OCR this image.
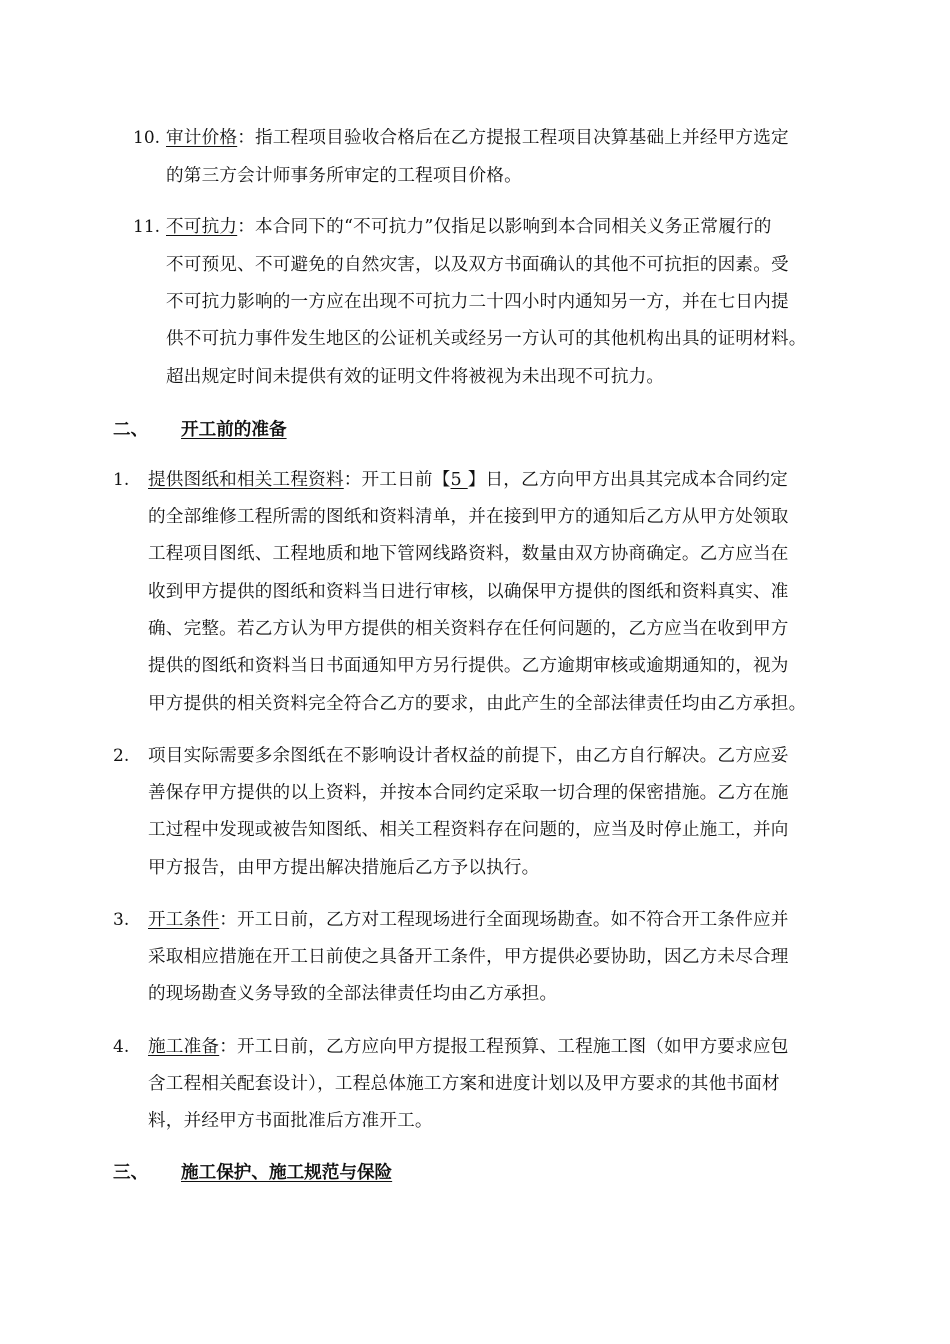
10. 审计价格：指工程项目验收合格后在乙方提报工程项目决算基础上并经甲方选定
的第三方会计师事务所审定的工程项目价格。
11. 不可抗力：本合同下的“不可抗力”仅指足以影响到本合同相关义务正常履行的
不可预见、不可避免的自然灾害，以及双方书面确认的其他不可抗拒的因素。受
不可抗力影响的一方应在出现不可抗力二十四小时内通知另一方，并在七日内提
供不可抗力事件发生地区的公证机关或经另一方认可的其他机构出具的证明材料。
超出规定时间未提供有效的证明文件将被视为未出现不可抗力。
二、 开工前的准备
1. 提供图纸和相关工程资料：开工日前【5 】日，乙方向甲方出具其完成本合同约定
的全部维修工程所需的图纸和资料清单，并在接到甲方的通知后乙方从甲方处领取
工程项目图纸、工程地质和地下管网线路资料，数量由双方协商确定。乙方应当在
收到甲方提供的图纸和资料当日进行审核，以确保甲方提供的图纸和资料真实、准
确、完整。若乙方认为甲方提供的相关资料存在任何问题的，乙方应当在收到甲方
提供的图纸和资料当日书面通知甲方另行提供。乙方逾期审核或逾期通知的，视为
甲方提供的相关资料完全符合乙方的要求，由此产生的全部法律责任均由乙方承担。
2. 项目实际需要多余图纸在不影响设计者权益的前提下，由乙方自行解决。乙方应妥
善保存甲方提供的以上资料，并按本合同约定采取一切合理的保密措施。乙方在施
工过程中发现或被告知图纸、相关工程资料存在问题的，应当及时停止施工，并向
甲方报告，由甲方提出解决措施后乙方予以执行。
3. 开工条件：开工日前，乙方对工程现场进行全面现场勘查。如不符合开工条件应并
采取相应措施在开工日前使之具备开工条件，甲方提供必要协助，因乙方未尽合理
的现场勘查义务导致的全部法律责任均由乙方承担。
4. 施工准备：开工日前，乙方应向甲方提报工程预算、工程施工图（如甲方要求应包
含工程相关配套设计），工程总体施工方案和进度计划以及甲方要求的其他书面材
料，并经甲方书面批准后方准开工。
三、 施工保护、施工规范与保险
